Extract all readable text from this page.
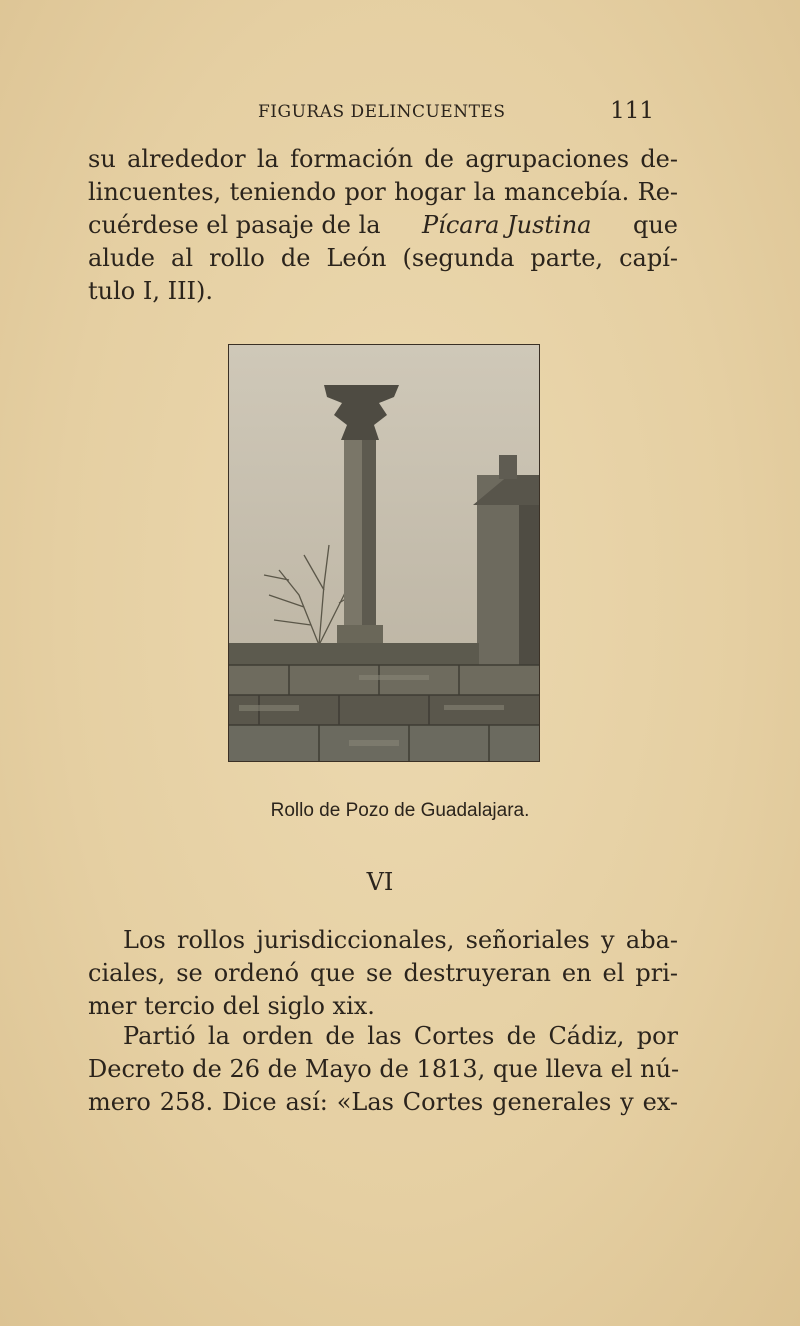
FIGURAS DELINCUENTES	111

su alrededor la formación de agrupaciones de-
lincuentes, teniendo por hogar la mancebía. Re-
cuérdese el pasaje de la Pícara Justina que
alude al rollo de León (segunda parte, capí-
tulo I, III).

Rollo de Pozo de Guadalajara.
VI

Los rollos jurisdiccionales, señoriales y aba-
ciales, se ordenó que se destruyeran en el pri-
mer tercio del siglo xix.

Partió la orden de las Cortes de Cádiz, por
Decreto de 26 de Mayo de 1813, que lleva el nú-
mero 258. Dice así: «Las Cortes generales y ex-
